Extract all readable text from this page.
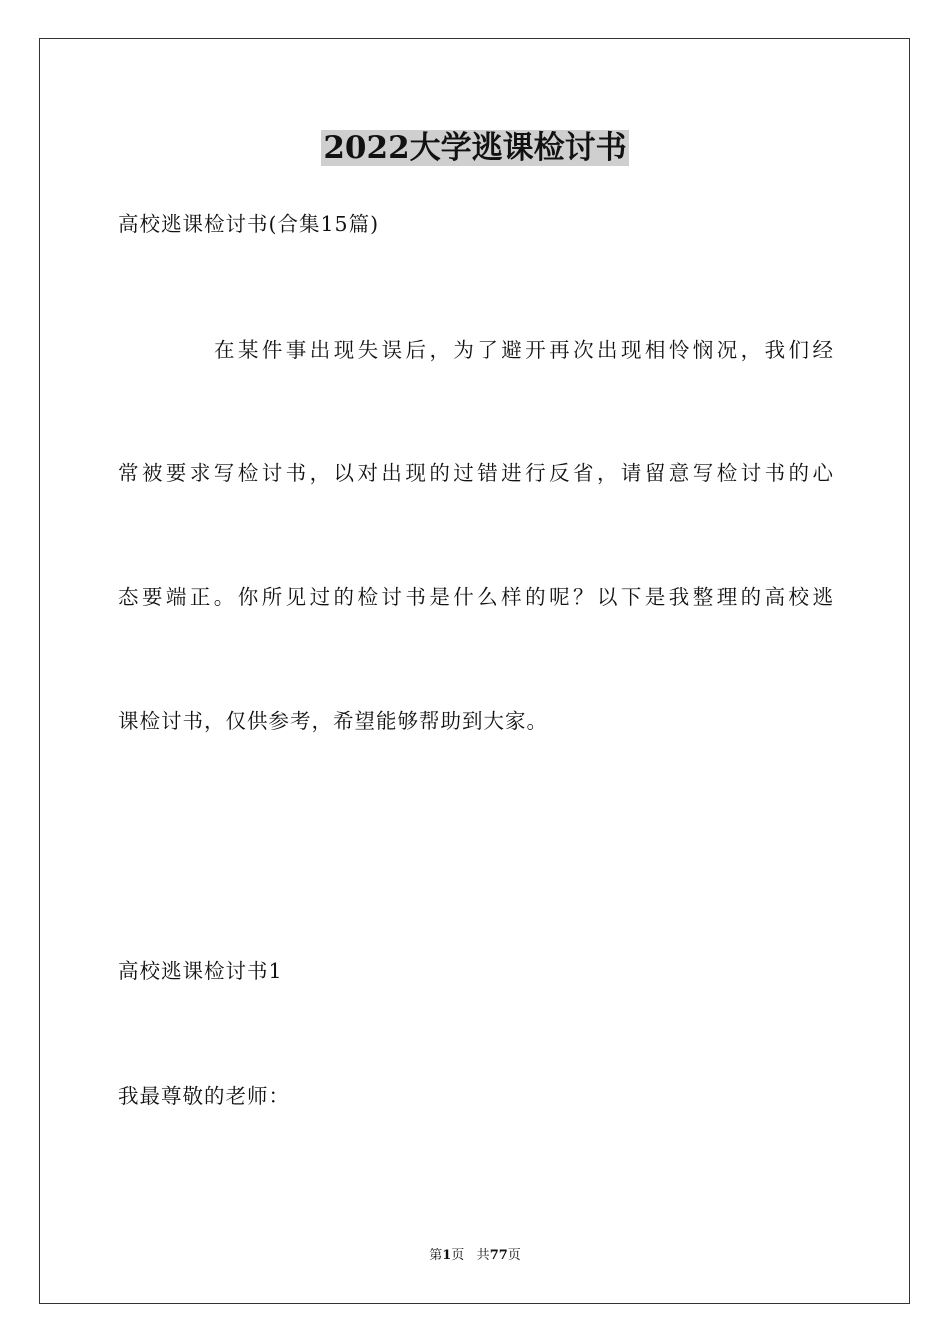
2022大学逃课检讨书
高校逃课检讨书(合集15篇)
在某件事出现失误后，为了避开再次出现相怜悯况，我们经
常被要求写检讨书，以对出现的过错进行反省，请留意写检讨书的心
态要端正。你所见过的检讨书是什么样的呢？以下是我整理的高校逃
课检讨书，仅供参考，希望能够帮助到大家。
高校逃课检讨书1
我最尊敬的老师：
第1页 共77页
